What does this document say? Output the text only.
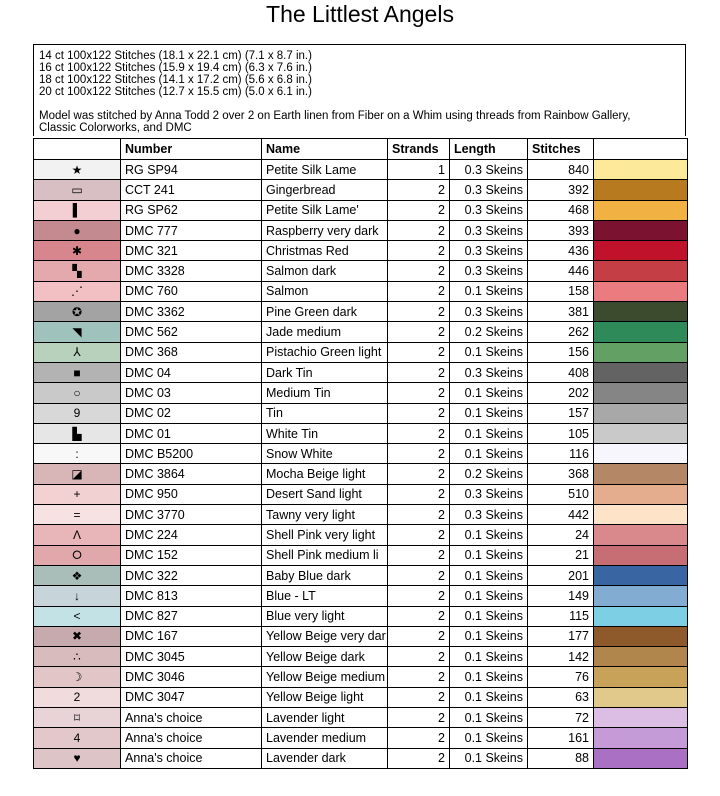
The Littlest Angels
14 ct 100x122 Stitches (18.1 x 22.1 cm) (7.1 x 8.7 in.)
16 ct 100x122 Stitches (15.9 x 19.4 cm) (6.3 x 7.6 in.)
18 ct 100x122 Stitches (14.1 x 17.2 cm) (5.6 x 6.8 in.)
20 ct 100x122 Stitches (12.7 x 15.5 cm) (5.0 x 6.1 in.)
Model was stitched by Anna Todd 2 over 2 on Earth linen from Fiber on a Whim using threads from Rainbow Gallery, Classic Colorworks, and DMC
	Number	Name	Strands	Length	Stitches	
★	RG SP94	Petite Silk Lame	1	0.3 Skeins	840	
▭	CCT 241	Gingerbread	2	0.3 Skeins	392	
▌	RG SP62	Petite Silk Lame'	2	0.3 Skeins	468	
●	DMC 777	Raspberry very dark	2	0.3 Skeins	393	
✱	DMC 321	Christmas Red	2	0.3 Skeins	436	
▚	DMC 3328	Salmon dark	2	0.3 Skeins	446	
⋰	DMC 760	Salmon	2	0.1 Skeins	158	
✪	DMC 3362	Pine Green dark	2	0.3 Skeins	381	
◥	DMC 562	Jade medium	2	0.2 Skeins	262	
⅄	DMC 368	Pistachio Green light	2	0.1 Skeins	156	
■	DMC 04	Dark Tin	2	0.3 Skeins	408	
○	DMC 03	Medium Tin	2	0.1 Skeins	202	
9	DMC 02	Tin	2	0.1 Skeins	157	
▙	DMC 01	White Tin	2	0.1 Skeins	105	
:	DMC B5200	Snow White	2	0.1 Skeins	116	
◪	DMC 3864	Mocha Beige light	2	0.2 Skeins	368	
+	DMC 950	Desert Sand light	2	0.3 Skeins	510	
=	DMC 3770	Tawny very light	2	0.3 Skeins	442	
Λ	DMC 224	Shell Pink very light	2	0.1 Skeins	24	
⭘	DMC 152	Shell Pink medium li	2	0.1 Skeins	21	
❖	DMC 322	Baby Blue dark	2	0.1 Skeins	201	
↓	DMC 813	Blue - LT	2	0.1 Skeins	149	
<	DMC 827	Blue very light	2	0.1 Skeins	115	
✖	DMC 167	Yellow Beige very dar	2	0.1 Skeins	177	
∴	DMC 3045	Yellow Beige dark	2	0.1 Skeins	142	
☽	DMC 3046	Yellow Beige medium	2	0.1 Skeins	76	
2	DMC 3047	Yellow Beige light	2	0.1 Skeins	63	
⌑	Anna's choice	Lavender light	2	0.1 Skeins	72	
4	Anna's choice	Lavender medium	2	0.1 Skeins	161	
♥	Anna's choice	Lavender dark	2	0.1 Skeins	88	
